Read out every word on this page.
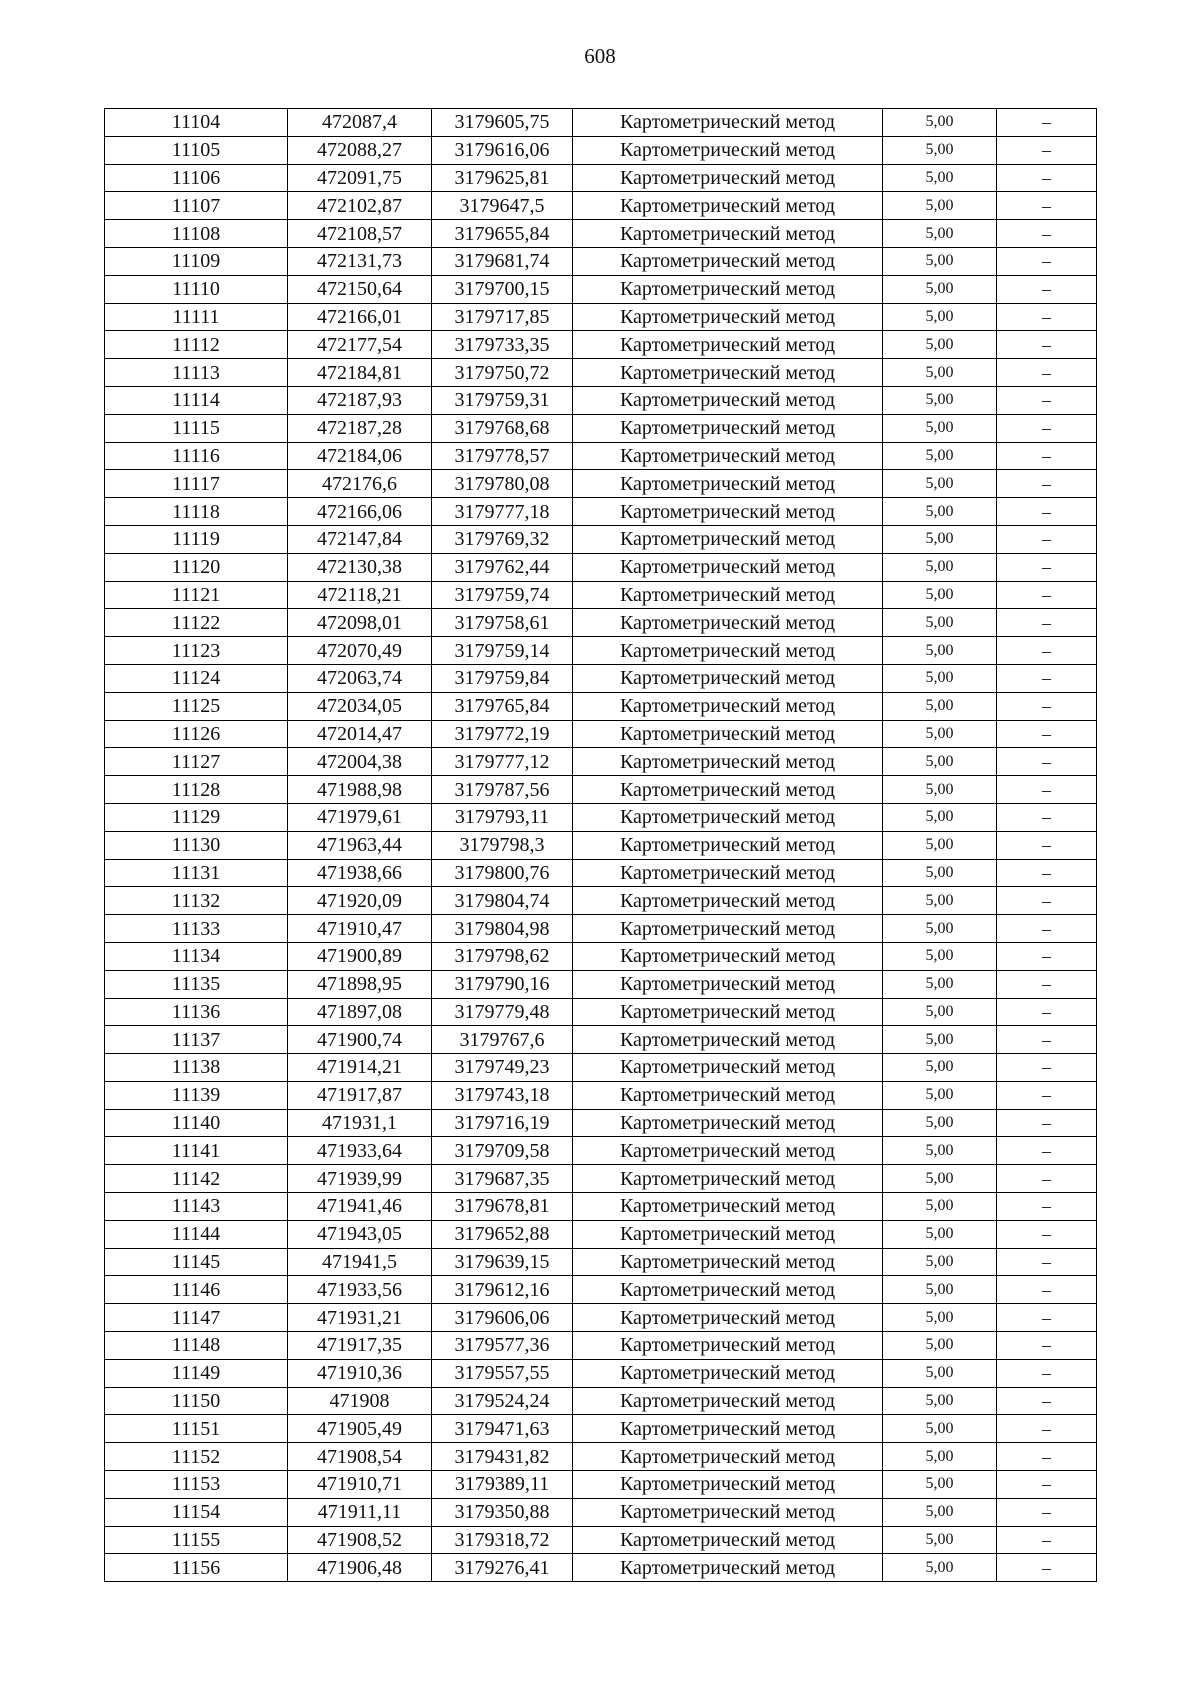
608
11104	472087,4	3179605,75	Картометрический метод	5,00	–
11105	472088,27	3179616,06	Картометрический метод	5,00	–
11106	472091,75	3179625,81	Картометрический метод	5,00	–
11107	472102,87	3179647,5	Картометрический метод	5,00	–
11108	472108,57	3179655,84	Картометрический метод	5,00	–
11109	472131,73	3179681,74	Картометрический метод	5,00	–
11110	472150,64	3179700,15	Картометрический метод	5,00	–
11111	472166,01	3179717,85	Картометрический метод	5,00	–
11112	472177,54	3179733,35	Картометрический метод	5,00	–
11113	472184,81	3179750,72	Картометрический метод	5,00	–
11114	472187,93	3179759,31	Картометрический метод	5,00	–
11115	472187,28	3179768,68	Картометрический метод	5,00	–
11116	472184,06	3179778,57	Картометрический метод	5,00	–
11117	472176,6	3179780,08	Картометрический метод	5,00	–
11118	472166,06	3179777,18	Картометрический метод	5,00	–
11119	472147,84	3179769,32	Картометрический метод	5,00	–
11120	472130,38	3179762,44	Картометрический метод	5,00	–
11121	472118,21	3179759,74	Картометрический метод	5,00	–
11122	472098,01	3179758,61	Картометрический метод	5,00	–
11123	472070,49	3179759,14	Картометрический метод	5,00	–
11124	472063,74	3179759,84	Картометрический метод	5,00	–
11125	472034,05	3179765,84	Картометрический метод	5,00	–
11126	472014,47	3179772,19	Картометрический метод	5,00	–
11127	472004,38	3179777,12	Картометрический метод	5,00	–
11128	471988,98	3179787,56	Картометрический метод	5,00	–
11129	471979,61	3179793,11	Картометрический метод	5,00	–
11130	471963,44	3179798,3	Картометрический метод	5,00	–
11131	471938,66	3179800,76	Картометрический метод	5,00	–
11132	471920,09	3179804,74	Картометрический метод	5,00	–
11133	471910,47	3179804,98	Картометрический метод	5,00	–
11134	471900,89	3179798,62	Картометрический метод	5,00	–
11135	471898,95	3179790,16	Картометрический метод	5,00	–
11136	471897,08	3179779,48	Картометрический метод	5,00	–
11137	471900,74	3179767,6	Картометрический метод	5,00	–
11138	471914,21	3179749,23	Картометрический метод	5,00	–
11139	471917,87	3179743,18	Картометрический метод	5,00	–
11140	471931,1	3179716,19	Картометрический метод	5,00	–
11141	471933,64	3179709,58	Картометрический метод	5,00	–
11142	471939,99	3179687,35	Картометрический метод	5,00	–
11143	471941,46	3179678,81	Картометрический метод	5,00	–
11144	471943,05	3179652,88	Картометрический метод	5,00	–
11145	471941,5	3179639,15	Картометрический метод	5,00	–
11146	471933,56	3179612,16	Картометрический метод	5,00	–
11147	471931,21	3179606,06	Картометрический метод	5,00	–
11148	471917,35	3179577,36	Картометрический метод	5,00	–
11149	471910,36	3179557,55	Картометрический метод	5,00	–
11150	471908	3179524,24	Картометрический метод	5,00	–
11151	471905,49	3179471,63	Картометрический метод	5,00	–
11152	471908,54	3179431,82	Картометрический метод	5,00	–
11153	471910,71	3179389,11	Картометрический метод	5,00	–
11154	471911,11	3179350,88	Картометрический метод	5,00	–
11155	471908,52	3179318,72	Картометрический метод	5,00	–
11156	471906,48	3179276,41	Картометрический метод	5,00	–
